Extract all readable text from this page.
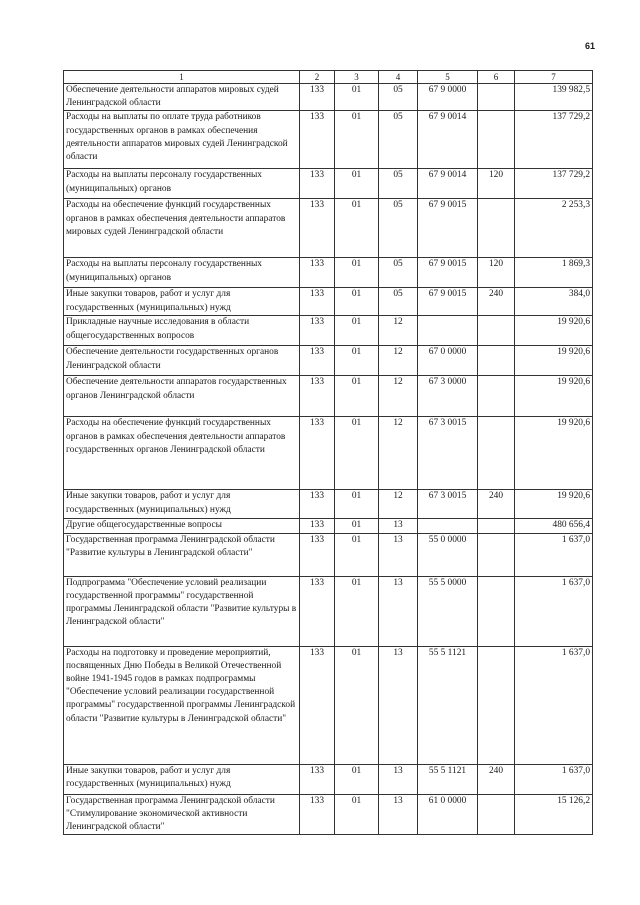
61
1	2	3	4	5	6	7
Обеспечение деятельности аппаратов мировых судей Ленинградской области	133	01	05	67 9 0000		139 982,5
Расходы на выплаты по оплате труда работников государственных органов в рамках обеспечения деятельности аппаратов мировых судей Ленинградской области	133	01	05	67 9 0014		137 729,2
Расходы на выплаты персоналу государственных (муниципальных) органов	133	01	05	67 9 0014	120	137 729,2
Расходы на обеспечение функций государственных органов в рамках обеспечения деятельности аппаратов мировых судей Ленинградской области	133	01	05	67 9 0015		2 253,3
Расходы на выплаты персоналу государственных (муниципальных) органов	133	01	05	67 9 0015	120	1 869,3
Иные закупки товаров, работ и услуг для государственных (муниципальных) нужд	133	01	05	67 9 0015	240	384,0
Прикладные научные исследования в области общегосударственных вопросов	133	01	12			19 920,6
Обеспечение деятельности государственных органов Ленинградской области	133	01	12	67 0 0000		19 920,6
Обеспечение деятельности аппаратов государственных органов Ленинградской области	133	01	12	67 3 0000		19 920,6
Расходы на обеспечение функций государственных органов в рамках обеспечения деятельности аппаратов государственных органов Ленинградской области	133	01	12	67 3 0015		19 920,6
Иные закупки товаров, работ и услуг для государственных (муниципальных) нужд	133	01	12	67 3 0015	240	19 920,6
Другие общегосударственные вопросы	133	01	13			480 656,4
Государственная программа Ленинградской области "Развитие культуры в Ленинградской области"	133	01	13	55 0 0000		1 637,0
Подпрограмма "Обеспечение условий реализации государственной программы" государственной программы Ленинградской области "Развитие культуры в Ленинградской области"	133	01	13	55 5 0000		1 637,0
Расходы на подготовку и проведение мероприятий, посвященных Дню Победы в Великой Отечественной войне 1941-1945 годов в рамках подпрограммы "Обеспечение условий реализации государственной программы" государственной программы Ленинградской области "Развитие культуры в Ленинградской области"	133	01	13	55 5 1121		1 637,0
Иные закупки товаров, работ и услуг для государственных (муниципальных) нужд	133	01	13	55 5 1121	240	1 637,0
Государственная программа Ленинградской области "Стимулирование экономической активности Ленинградской области"	133	01	13	61 0 0000		15 126,2
